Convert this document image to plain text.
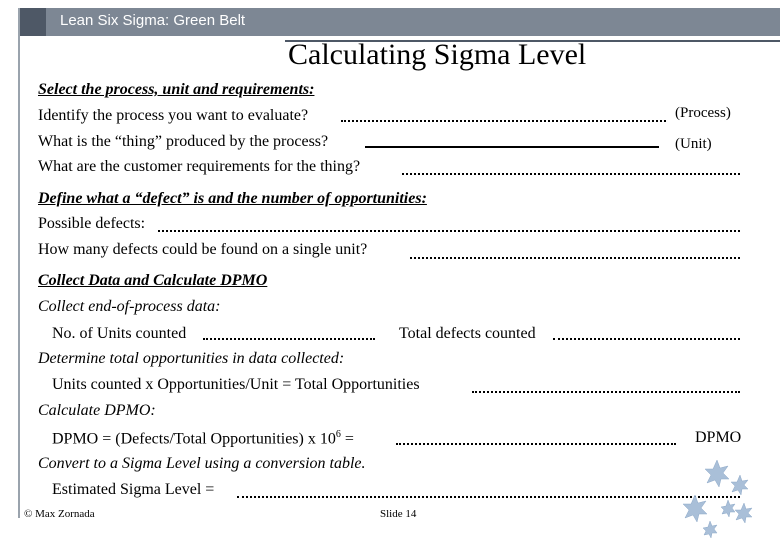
Lean Six Sigma: Green Belt
Calculating Sigma Level
Select the process, unit and requirements:
Identify the process you want to evaluate?	(Process)
What is the “thing” produced by the process?	(Unit)
What are the customer requirements for the thing?
Define what a “defect” is and the number of opportunities:
Possible defects:
How many defects could be found on a single unit?
Collect Data and Calculate DPMO
Collect end-of-process data:
No. of Units counted	Total defects counted
Determine total opportunities in data collected:
Units counted x Opportunities/Unit = Total Opportunities
Calculate DPMO:
DPMO = (Defects/Total Opportunities) x $10^6$ =	DPMO
Convert to a Sigma Level using a conversion table.
Estimated Sigma Level =
© Max Zornada	Slide 14
